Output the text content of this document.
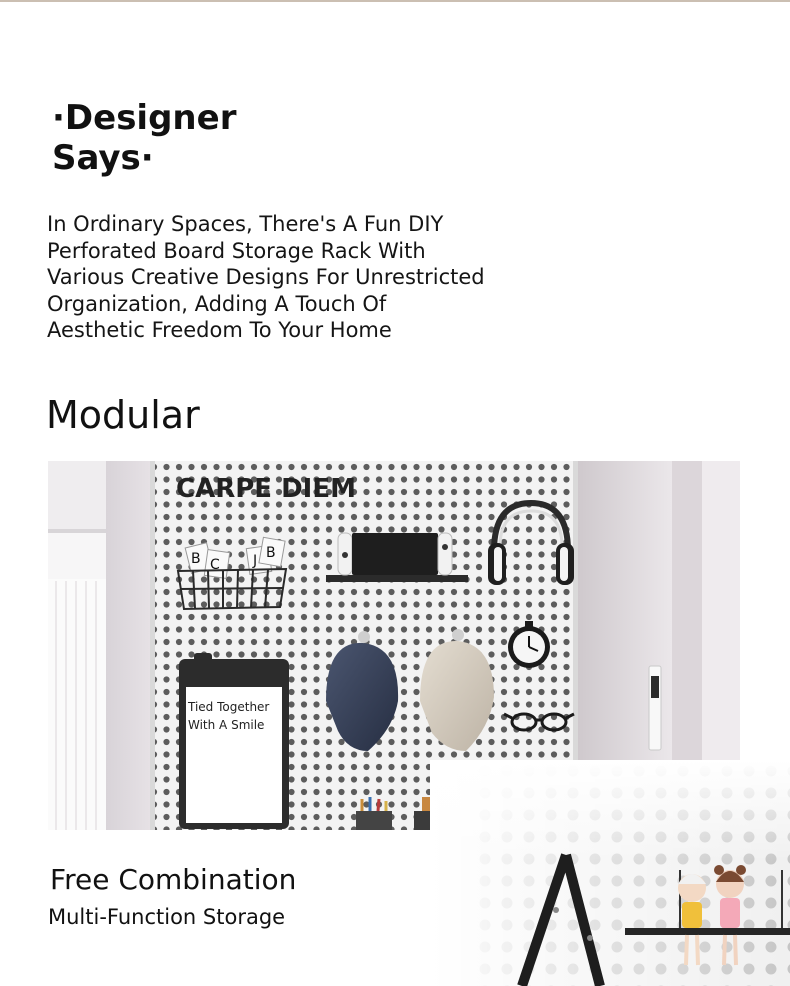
·Designer
Says·
In Ordinary Spaces, There's A Fun DIY
Perforated Board Storage Rack With
Various Creative Designs For Unrestricted
Organization, Adding A Touch Of
Aesthetic Freedom To Your Home
Modular
CARPE DIEM
B C J B
Tied Together
With A Smile
Free Combination
Multi-Function Storage
